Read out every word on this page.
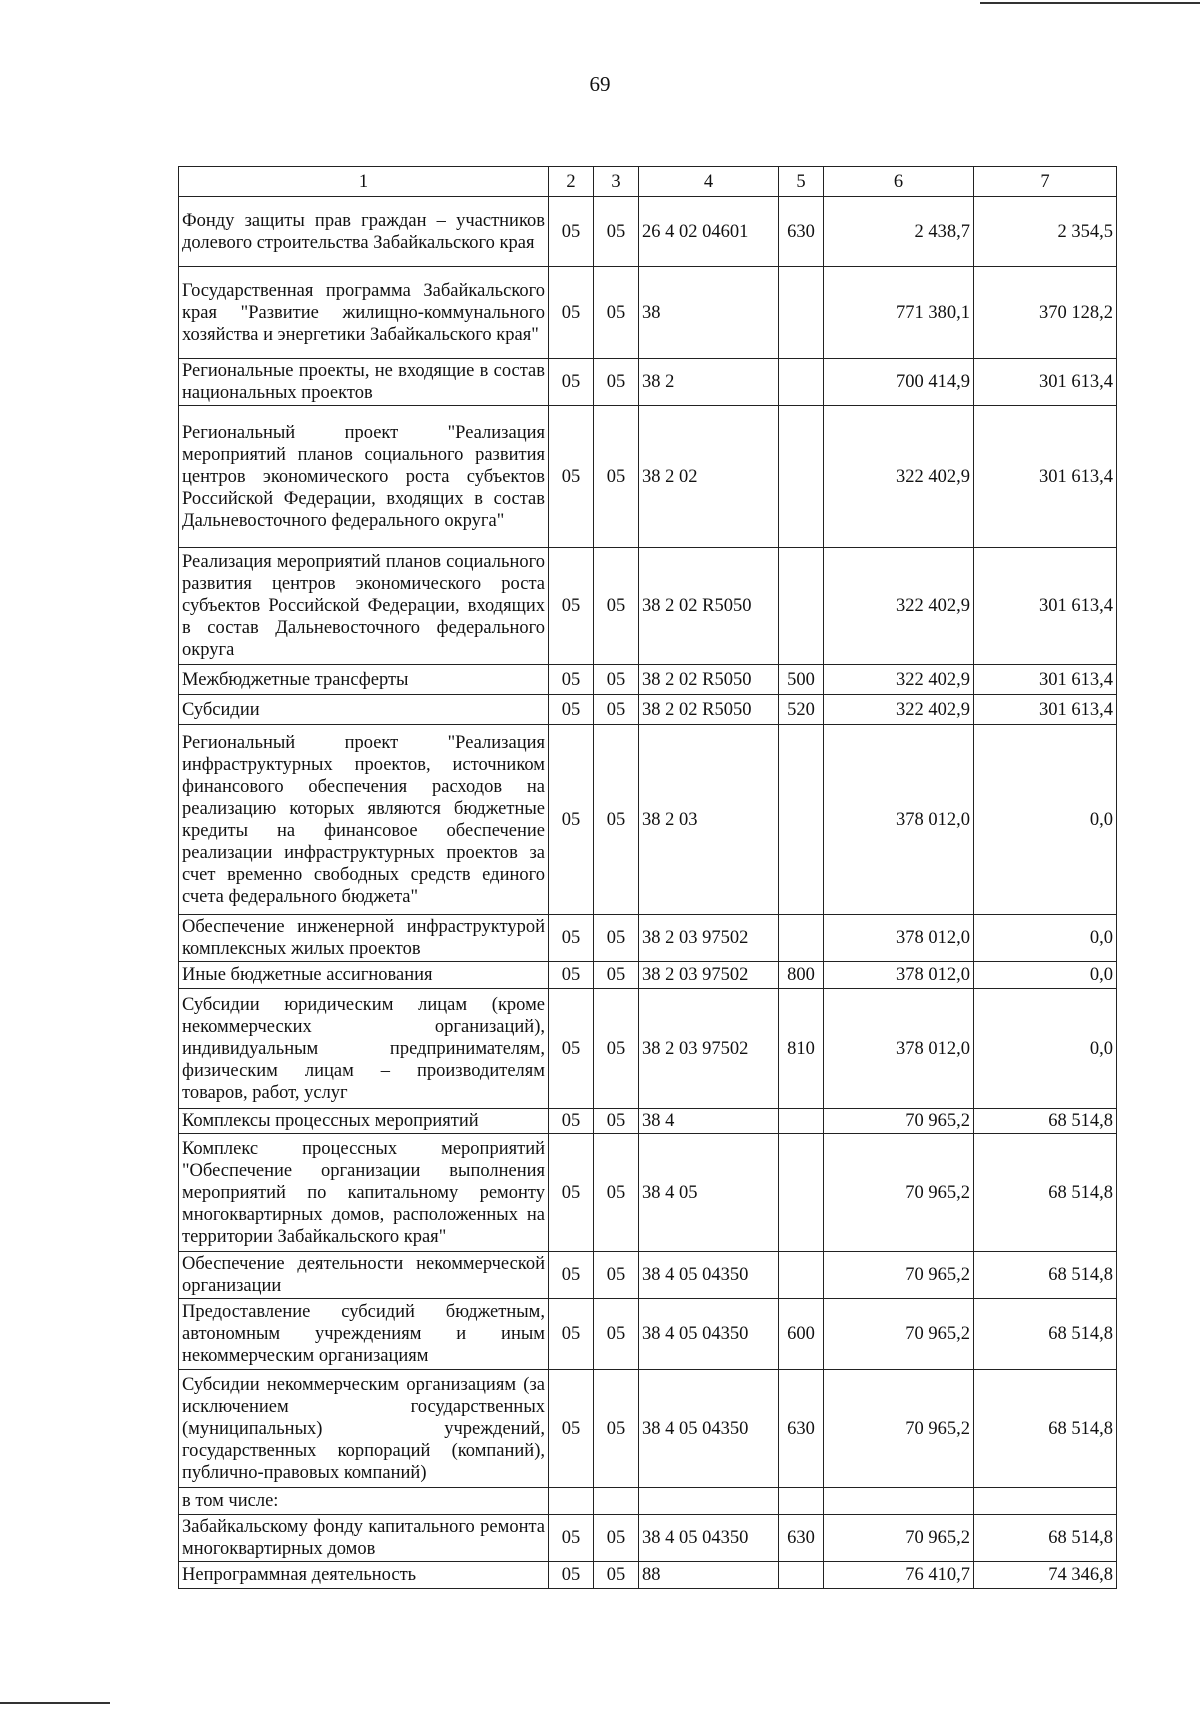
69
1	2	3	4	5	6	7
Фонду защиты прав граждан – участников долевого строительства Забайкальского края	05	05	26 4 02 04601	630	2 438,7	2 354,5
Государственная программа Забайкальского края "Развитие жилищно-коммунального хозяйства и энергетики Забайкальского края"	05	05	38		771 380,1	370 128,2
Региональные проекты, не входящие в состав национальных проектов	05	05	38 2		700 414,9	301 613,4
Региональный проект "Реализация мероприятий планов социального развития центров экономического роста субъектов Российской Федерации, входящих в состав Дальневосточного федерального округа"	05	05	38 2 02		322 402,9	301 613,4
Реализация мероприятий планов социального развития центров экономического роста субъектов Российской Федерации, входящих в состав Дальневосточного федерального округа	05	05	38 2 02 R5050		322 402,9	301 613,4
Межбюджетные трансферты	05	05	38 2 02 R5050	500	322 402,9	301 613,4
Субсидии	05	05	38 2 02 R5050	520	322 402,9	301 613,4
Региональный проект "Реализация инфраструктурных проектов, источником финансового обеспечения расходов на реализацию которых являются бюджетные кредиты на финансовое обеспечение реализации инфраструктурных проектов за счет временно свободных средств единого счета федерального бюджета"	05	05	38 2 03		378 012,0	0,0
Обеспечение инженерной инфраструктурой комплексных жилых проектов	05	05	38 2 03 97502		378 012,0	0,0
Иные бюджетные ассигнования	05	05	38 2 03 97502	800	378 012,0	0,0
Субсидии юридическим лицам (кроме некоммерческих организаций), индивидуальным предпринимателям, физическим лицам – производителям товаров, работ, услуг	05	05	38 2 03 97502	810	378 012,0	0,0
Комплексы процессных мероприятий	05	05	38 4		70 965,2	68 514,8
Комплекс процессных мероприятий "Обеспечение организации выполнения мероприятий по капитальному ремонту многоквартирных домов, расположенных на территории Забайкальского края"	05	05	38 4 05		70 965,2	68 514,8
Обеспечение деятельности некоммерческой организации	05	05	38 4 05 04350		70 965,2	68 514,8
Предоставление субсидий бюджетным, автономным учреждениям и иным некоммерческим организациям	05	05	38 4 05 04350	600	70 965,2	68 514,8
Субсидии некоммерческим организациям (за исключением государственных (муниципальных) учреждений, государственных корпораций (компаний), публично-правовых компаний)	05	05	38 4 05 04350	630	70 965,2	68 514,8
в том числе:						
Забайкальскому фонду капитального ремонта многоквартирных домов	05	05	38 4 05 04350	630	70 965,2	68 514,8
Непрограммная деятельность	05	05	88		76 410,7	74 346,8
